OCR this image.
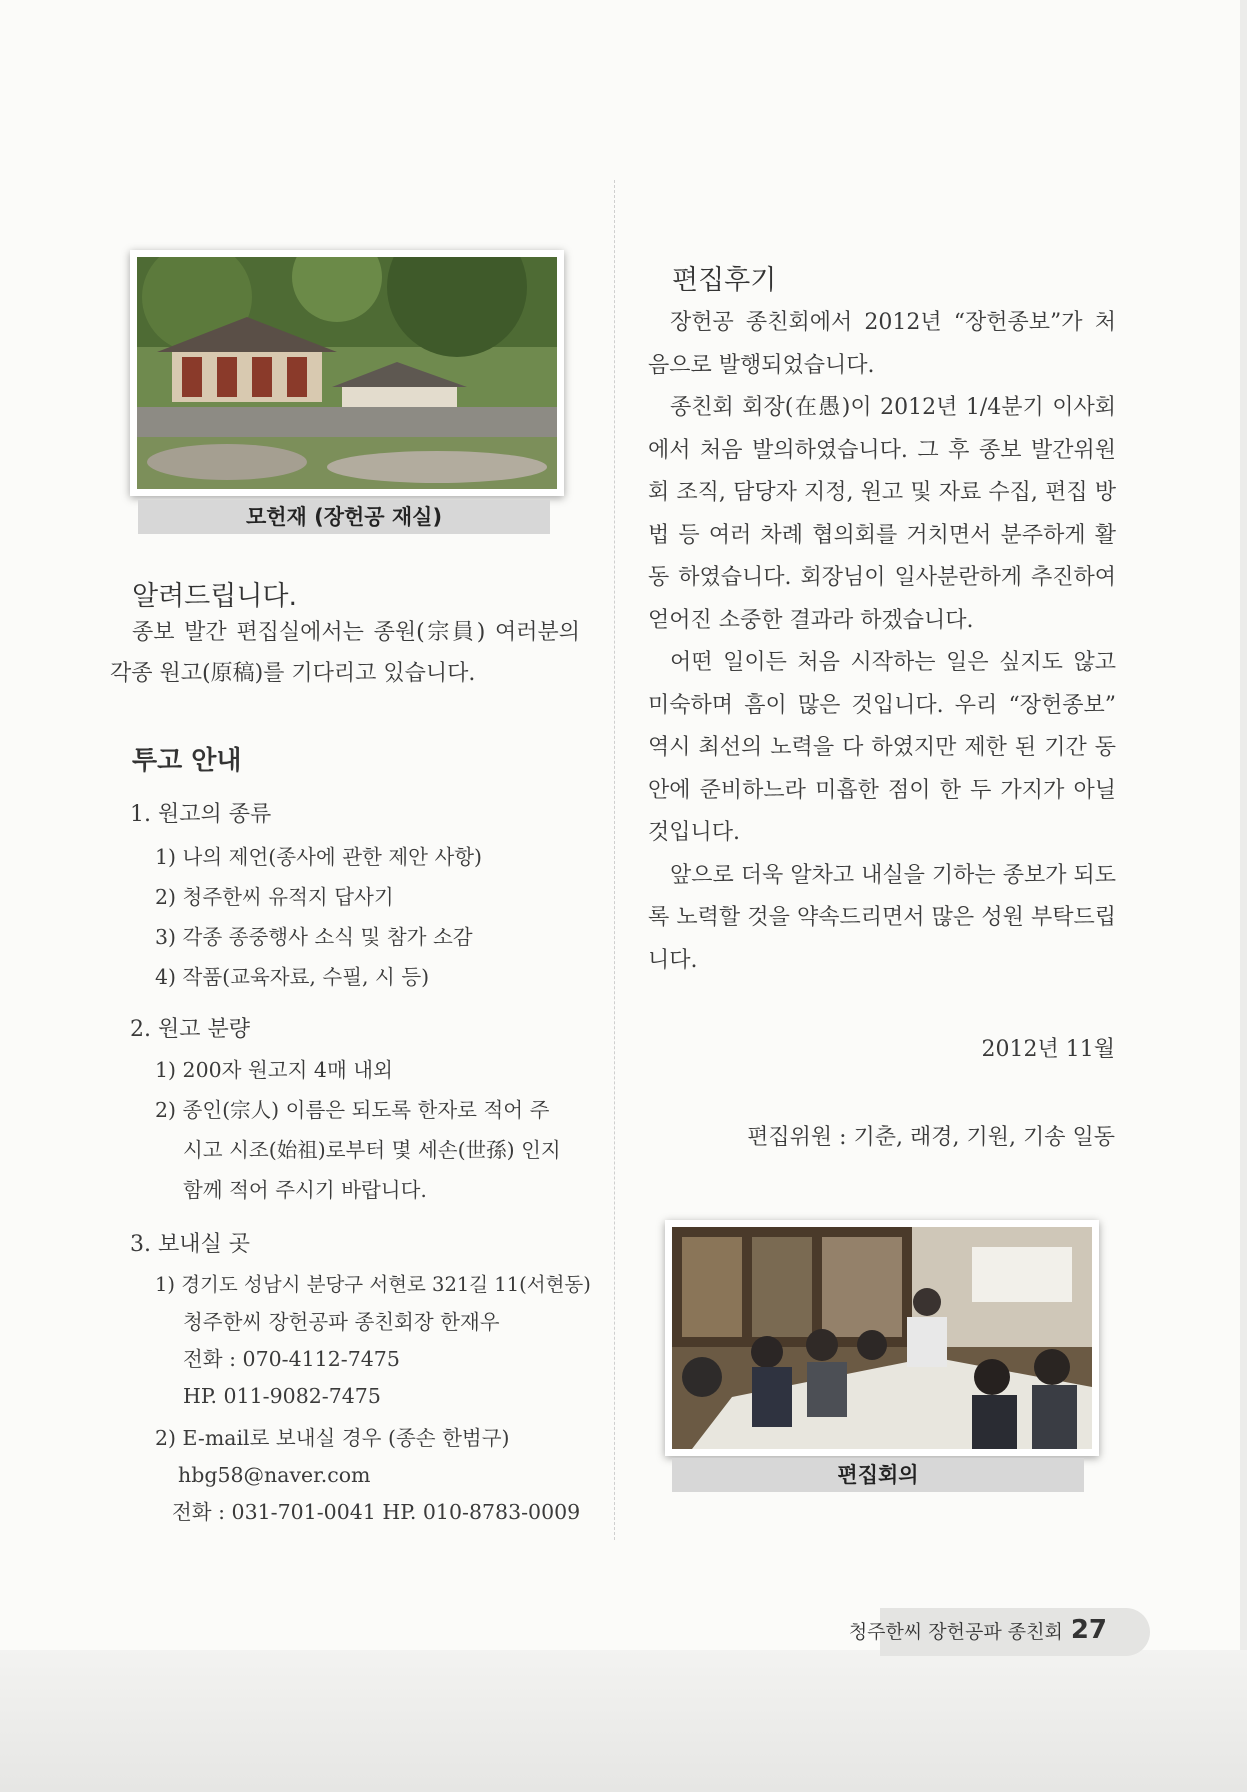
모헌재 (장헌공 재실)
알려드립니다.

종보 발간 편집실에서는 종원(宗員) 여러분의 각종 원고(原稿)를 기다리고 있습니다.

투고 안내
1. 원고의 종류
1) 나의 제언(종사에 관한 제안 사항)
2) 청주한씨 유적지 답사기
3) 각종 종중행사 소식 및 참가 소감
4) 작품(교육자료, 수필, 시 등)
2. 원고 분량
1) 200자 원고지 4매 내외
2) 종인(宗人) 이름은 되도록 한자로 적어 주
시고 시조(始祖)로부터 몇 세손(世孫) 인지
함께 적어 주시기 바랍니다.
3. 보내실 곳
1) 경기도 성남시 분당구 서현로 321길 11(서현동)
청주한씨 장헌공파 종친회장 한재우
전화 : 070-4112-7475
HP. 011-9082-7475
2) E-mail로 보내실 경우 (종손 한범구)
hbg58@naver.com
전화 : 031-701-0041 HP. 010-8783-0009
편집후기

장헌공 종친회에서 2012년 “장헌종보”가 처음으로 발행되었습니다.

종친회 회장(在愚)이 2012년 1/4분기 이사회에서 처음 발의하였습니다. 그 후 종보 발간위원회 조직, 담당자 지정, 원고 및 자료 수집, 편집 방법 등 여러 차례 협의회를 거치면서 분주하게 활동 하였습니다. 회장님이 일사분란하게 추진하여 얻어진 소중한 결과라 하겠습니다.

어떤 일이든 처음 시작하는 일은 싶지도 않고 미숙하며 흠이 많은 것입니다. 우리 “장헌종보” 역시 최선의 노력을 다 하였지만 제한 된 기간 동안에 준비하느라 미흡한 점이 한 두 가지가 아닐 것입니다.

앞으로 더욱 알차고 내실을 기하는 종보가 되도록 노력할 것을 약속드리면서 많은 성원 부탁드립니다.

2012년 11월
편집위원 : 기춘, 래경, 기원, 기송 일동
편집회의
청주한씨 장헌공파 종친회 27
